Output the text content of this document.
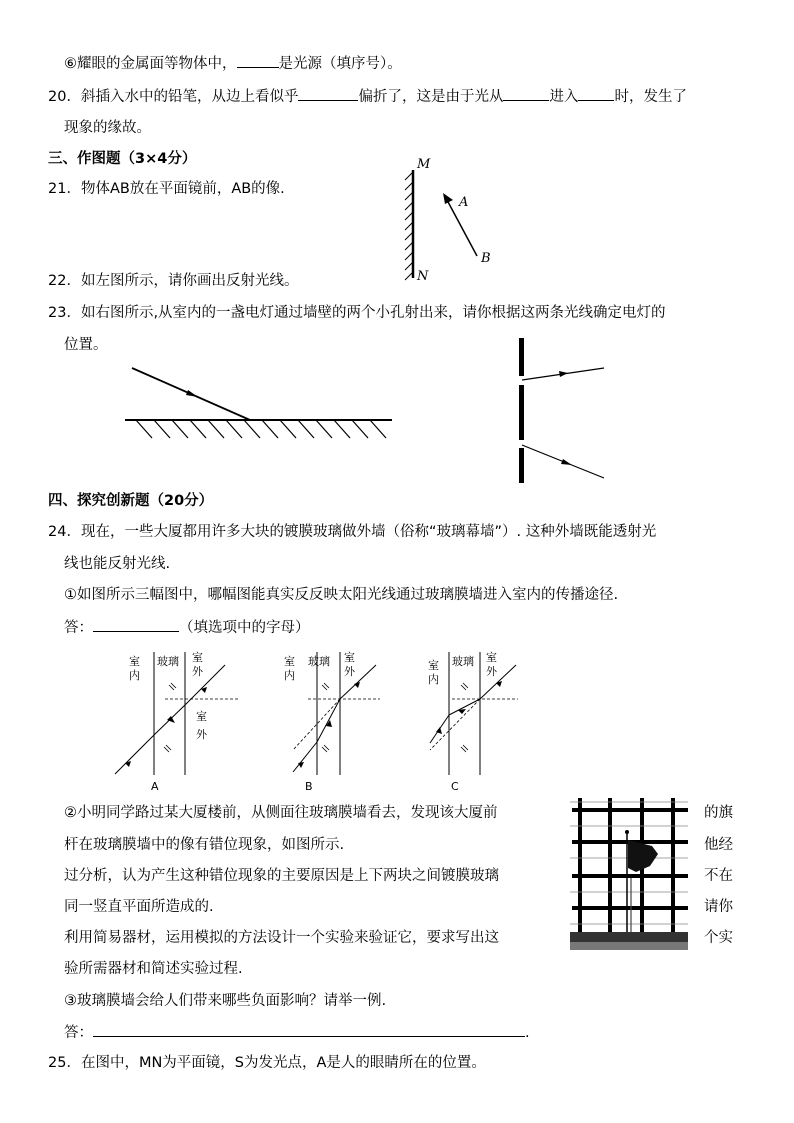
⑥耀眼的金属面等物体中，	是光源（填序号）。
20．斜插入水中的铅笔，从边上看似乎	偏折了，这是由于光从	进入 时，发生了
现象的缘故。
三、作图题（3×4分）
21．物体AB放在平面镜前，AB的像.
M
N
A
B
22．如左图所示，请你画出反射光线。
23．如右图所示,从室内的一盏电灯通过墙壁的两个小孔射出来，请你根据这两条光线确定电灯的
位置。
四、探究创新题（20分）
24．现在，一些大厦都用许多大块的镀膜玻璃做外墙（俗称“玻璃幕墙”）. 这种外墙既能透射光
线也能反射光线.
①如图所示三幅图中，哪幅图能真实反反映太阳光线通过玻璃膜墙进入室内的传播途径.
答：	（填选项中的字母）
室
内
玻璃 室
外
室
外
A
室
内
玻璃 室
外
B
室
内
玻璃 室
外
C
②小明同学路过某大厦楼前，从侧面往玻璃膜墙看去，发现该大厦前	的旗
杆在玻璃膜墙中的像有错位现象，如图所示.	他经
过分析，认为产生这种错位现象的主要原因是上下两块之间镀膜玻璃	不在
同一竖直平面所造成的.	请你
利用简易器材，运用模拟的方法设计一个实验来验证它，要求写出这	个实
验所需器材和简述实验过程.
③玻璃膜墙会给人们带来哪些负面影响？请举一例.
答：	.
25．在图中，MN为平面镜，S为发光点，A是人的眼睛所在的位置。
